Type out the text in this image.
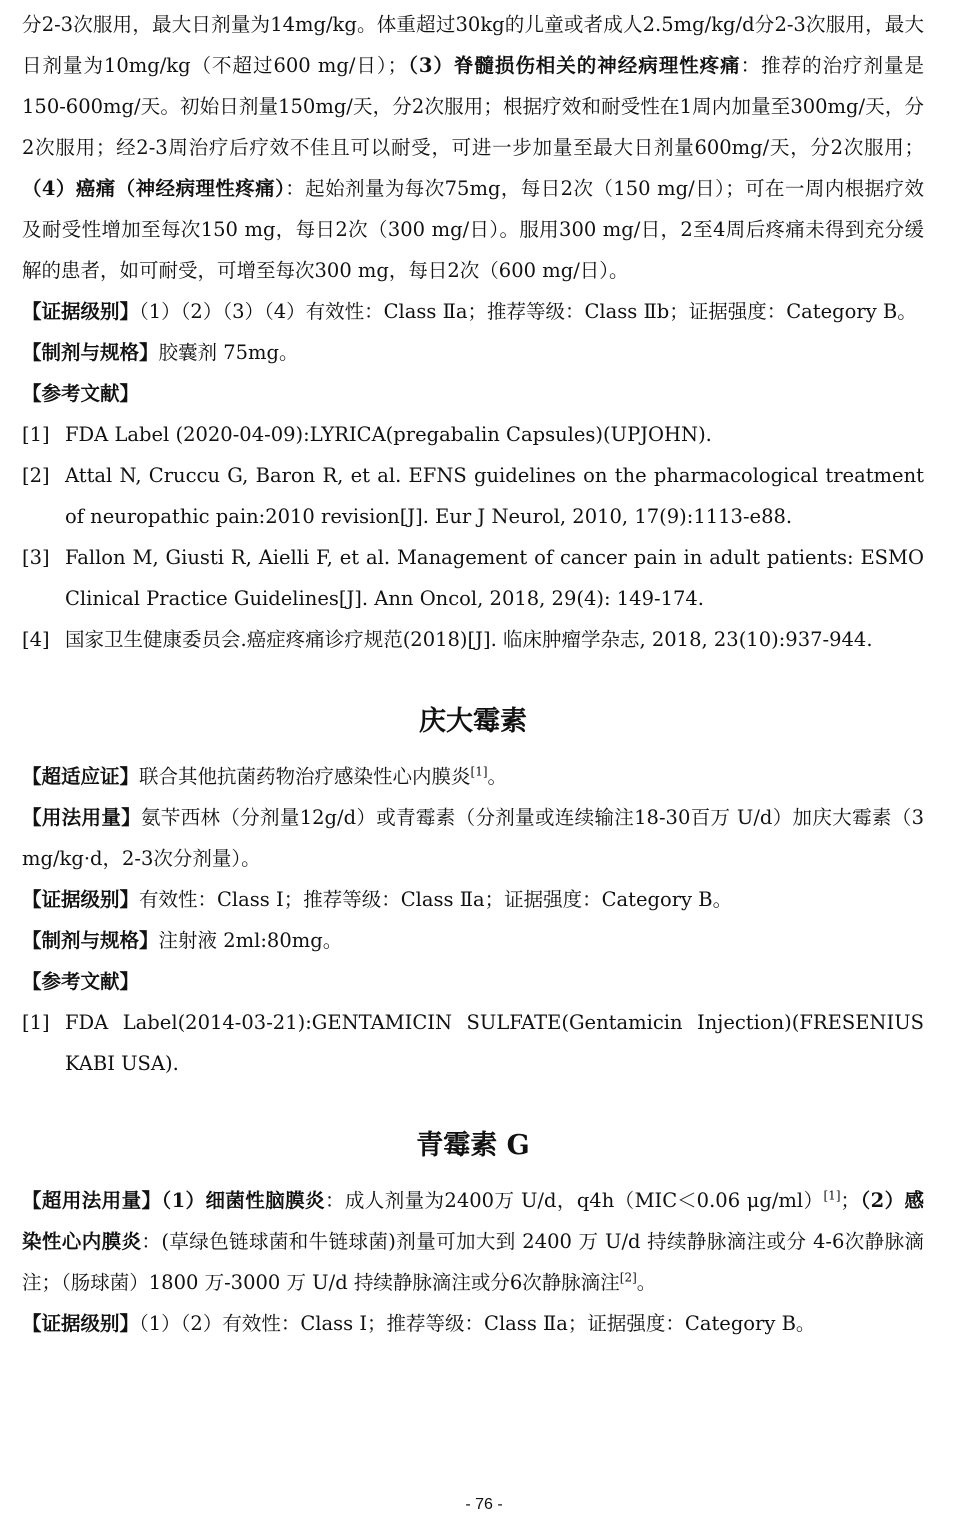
分2-3次服用，最大日剂量为14mg/kg。体重超过30kg的儿童或者成人2.5mg/kg/d分2-3次服用，最大日剂量为10mg/kg（不超过600 mg/日）；（3）脊髓损伤相关的神经病理性疼痛：推荐的治疗剂量是150-600mg/天。初始日剂量150mg/天，分2次服用；根据疗效和耐受性在1周内加量至300mg/天，分2次服用；经2-3周治疗后疗效不佳且可以耐受，可进一步加量至最大日剂量600mg/天，分2次服用；（4）癌痛（神经病理性疼痛）：起始剂量为每次75mg，每日2次（150 mg/日）；可在一周内根据疗效及耐受性增加至每次150 mg，每日2次（300 mg/日）。服用300 mg/日，2至4周后疼痛未得到充分缓解的患者，如可耐受，可增至每次300 mg，每日2次（600 mg/日）。

【证据级别】（1）（2）（3）（4）有效性：Class Ⅱa；推荐等级：Class Ⅱb；证据强度：Category B。

【制剂与规格】胶囊剂 75mg。

【参考文献】

[1] FDA Label (2020-04-09):LYRICA(pregabalin Capsules)(UPJOHN).
[2] Attal N, Cruccu G, Baron R, et al. EFNS guidelines on the pharmacological treatment of neuropathic pain:2010 revision[J]. Eur J Neurol, 2010, 17(9):1113-e88.
[3] Fallon M, Giusti R, Aielli F, et al. Management of cancer pain in adult patients: ESMO Clinical Practice Guidelines[J]. Ann Oncol, 2018, 29(4): 149-174.
[4] 国家卫生健康委员会.癌症疼痛诊疗规范(2018)[J]. 临床肿瘤学杂志, 2018, 23(10):937-944.
庆大霉素

【超适应证】联合其他抗菌药物治疗感染性心内膜炎[1]。

【用法用量】氨苄西林（分剂量12g/d）或青霉素（分剂量或连续输注18-30百万 U/d）加庆大霉素（3 mg/kg·d，2-3次分剂量）。

【证据级别】有效性：Class I；推荐等级：Class Ⅱa；证据强度：Category B。

【制剂与规格】注射液 2ml:80mg。

【参考文献】

[1] FDA Label(2014-03-21):GENTAMICIN SULFATE(Gentamicin Injection)(FRESENIUS KABI USA).
青霉素 G

【超用法用量】（1）细菌性脑膜炎：成人剂量为2400万 U/d，q4h（MIC＜0.06 μg/ml）[1]；（2）感染性心内膜炎：(草绿色链球菌和牛链球菌)剂量可加大到 2400 万 U/d 持续静脉滴注或分 4-6次静脉滴注；（肠球菌）1800 万-3000 万 U/d 持续静脉滴注或分6次静脉滴注[2]。

【证据级别】（1）（2）有效性：Class I；推荐等级：Class Ⅱa；证据强度：Category B。

- 76 -
